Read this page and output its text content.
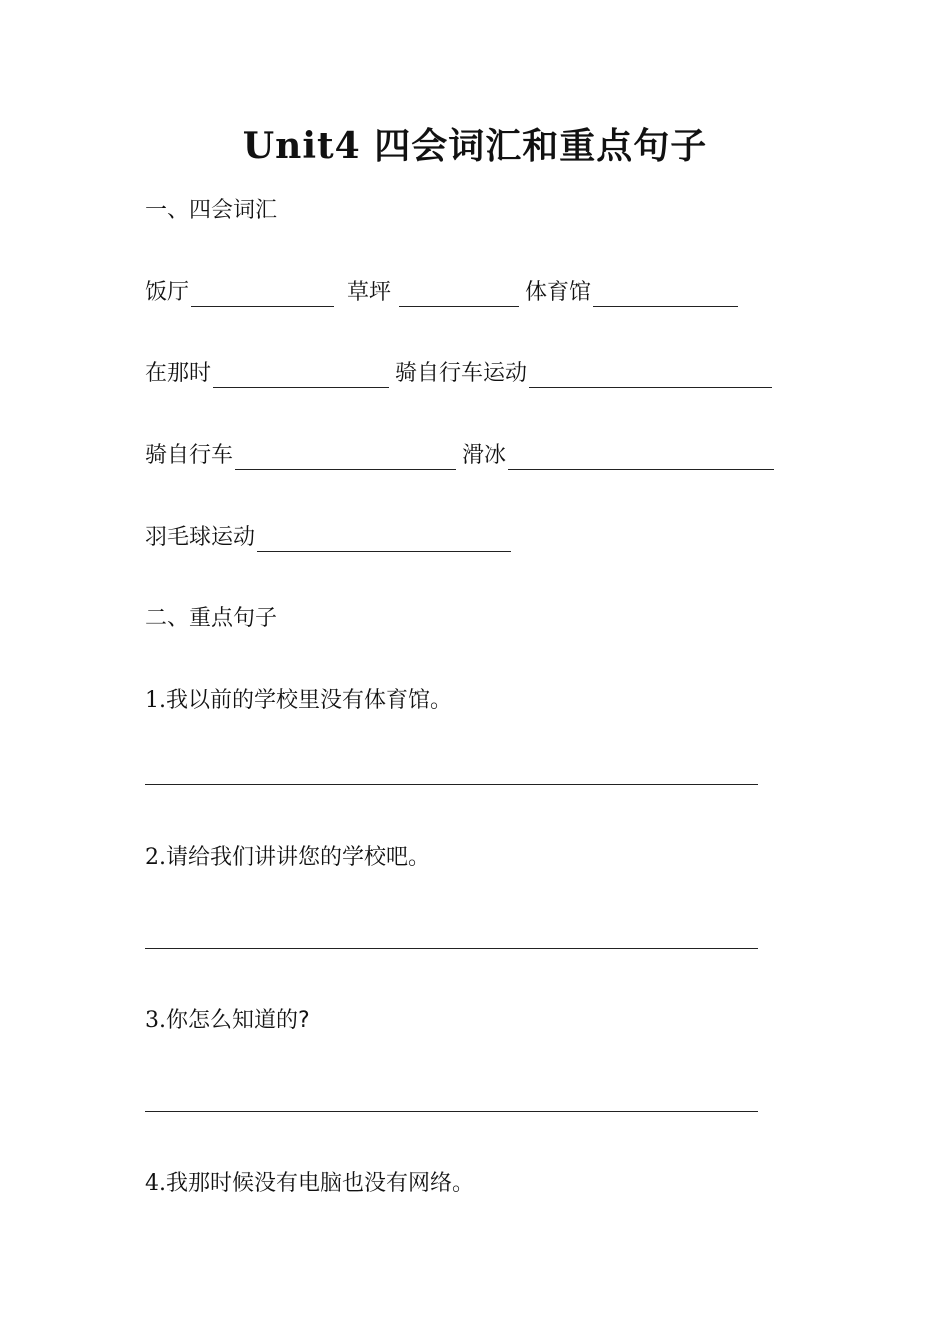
Unit4 四会词汇和重点句子
一、四会词汇
饭厅	草坪	体育馆
在那时	骑自行车运动
骑自行车	滑冰
羽毛球运动
二、重点句子
1.我以前的学校里没有体育馆。
2.请给我们讲讲您的学校吧。
3.你怎么知道的?
4.我那时候没有电脑也没有网络。
